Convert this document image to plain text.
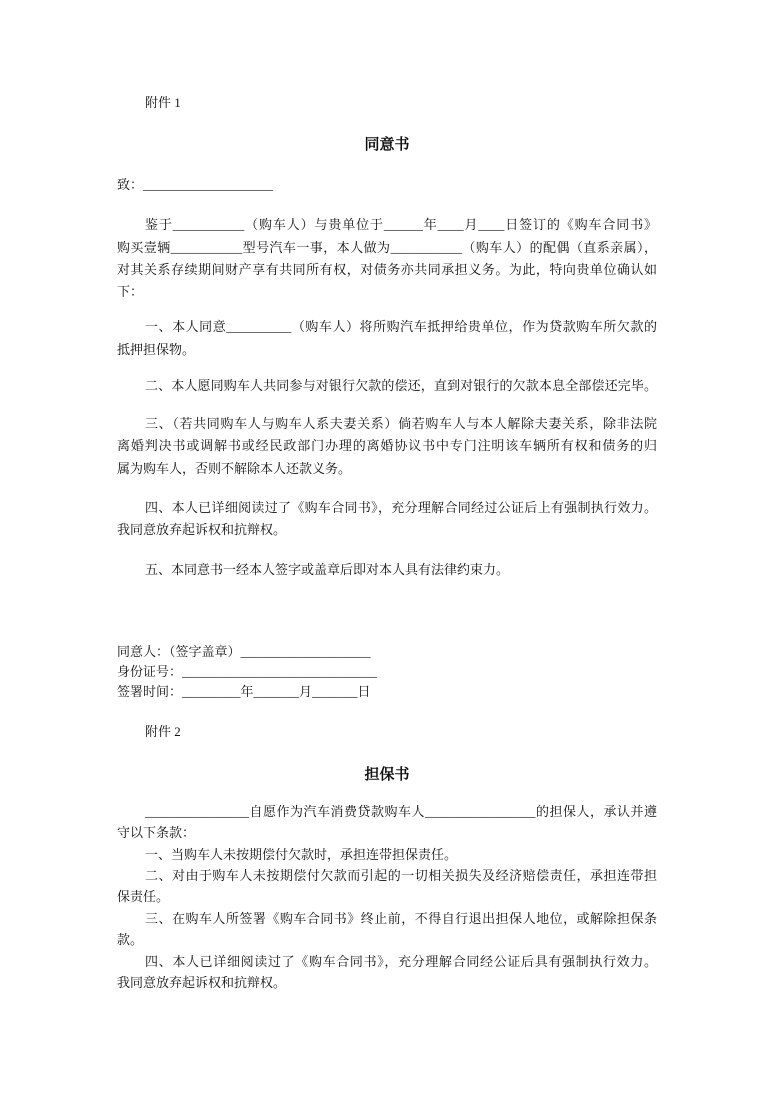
附件 1
同意书
致：____________________
鉴于___________（购车人）与贵单位于______年____月____日签订的《购车合同书》
购买壹辆___________型号汽车一事，本人做为___________（购车人）的配偶（直系亲属），
对其关系存续期间财产享有共同所有权，对债务亦共同承担义务。为此，特向贵单位确认如
下：
一、本人同意__________（购车人）将所购汽车抵押给贵单位，作为贷款购车所欠款的
抵押担保物。
二、本人愿同购车人共同参与对银行欠款的偿还，直到对银行的欠款本息全部偿还完毕。
三、（若共同购车人与购车人系夫妻关系）倘若购车人与本人解除夫妻关系，除非法院
离婚判决书或调解书或经民政部门办理的离婚协议书中专门注明该车辆所有权和债务的归
属为购车人，否则不解除本人还款义务。
四、本人已详细阅读过了《购车合同书》，充分理解合同经过公证后上有强制执行效力。
我同意放弃起诉权和抗辩权。
五、本同意书一经本人签字或盖章后即对本人具有法律约束力。
同意人：（签字盖章）____________________
身份证号：______________________________
签署时间：_________年_______月_______日
附件 2
担保书
________________自愿作为汽车消费贷款购车人_________________的担保人，承认并遵
守以下条款：
一、当购车人未按期偿付欠款时，承担连带担保责任。
二、对由于购车人未按期偿付欠款而引起的一切相关损失及经济赔偿责任，承担连带担
保责任。
三、在购车人所签署《购车合同书》终止前，不得自行退出担保人地位，或解除担保条
款。
四、本人已详细阅读过了《购车合同书》，充分理解合同经公证后具有强制执行效力。
我同意放弃起诉权和抗辩权。
